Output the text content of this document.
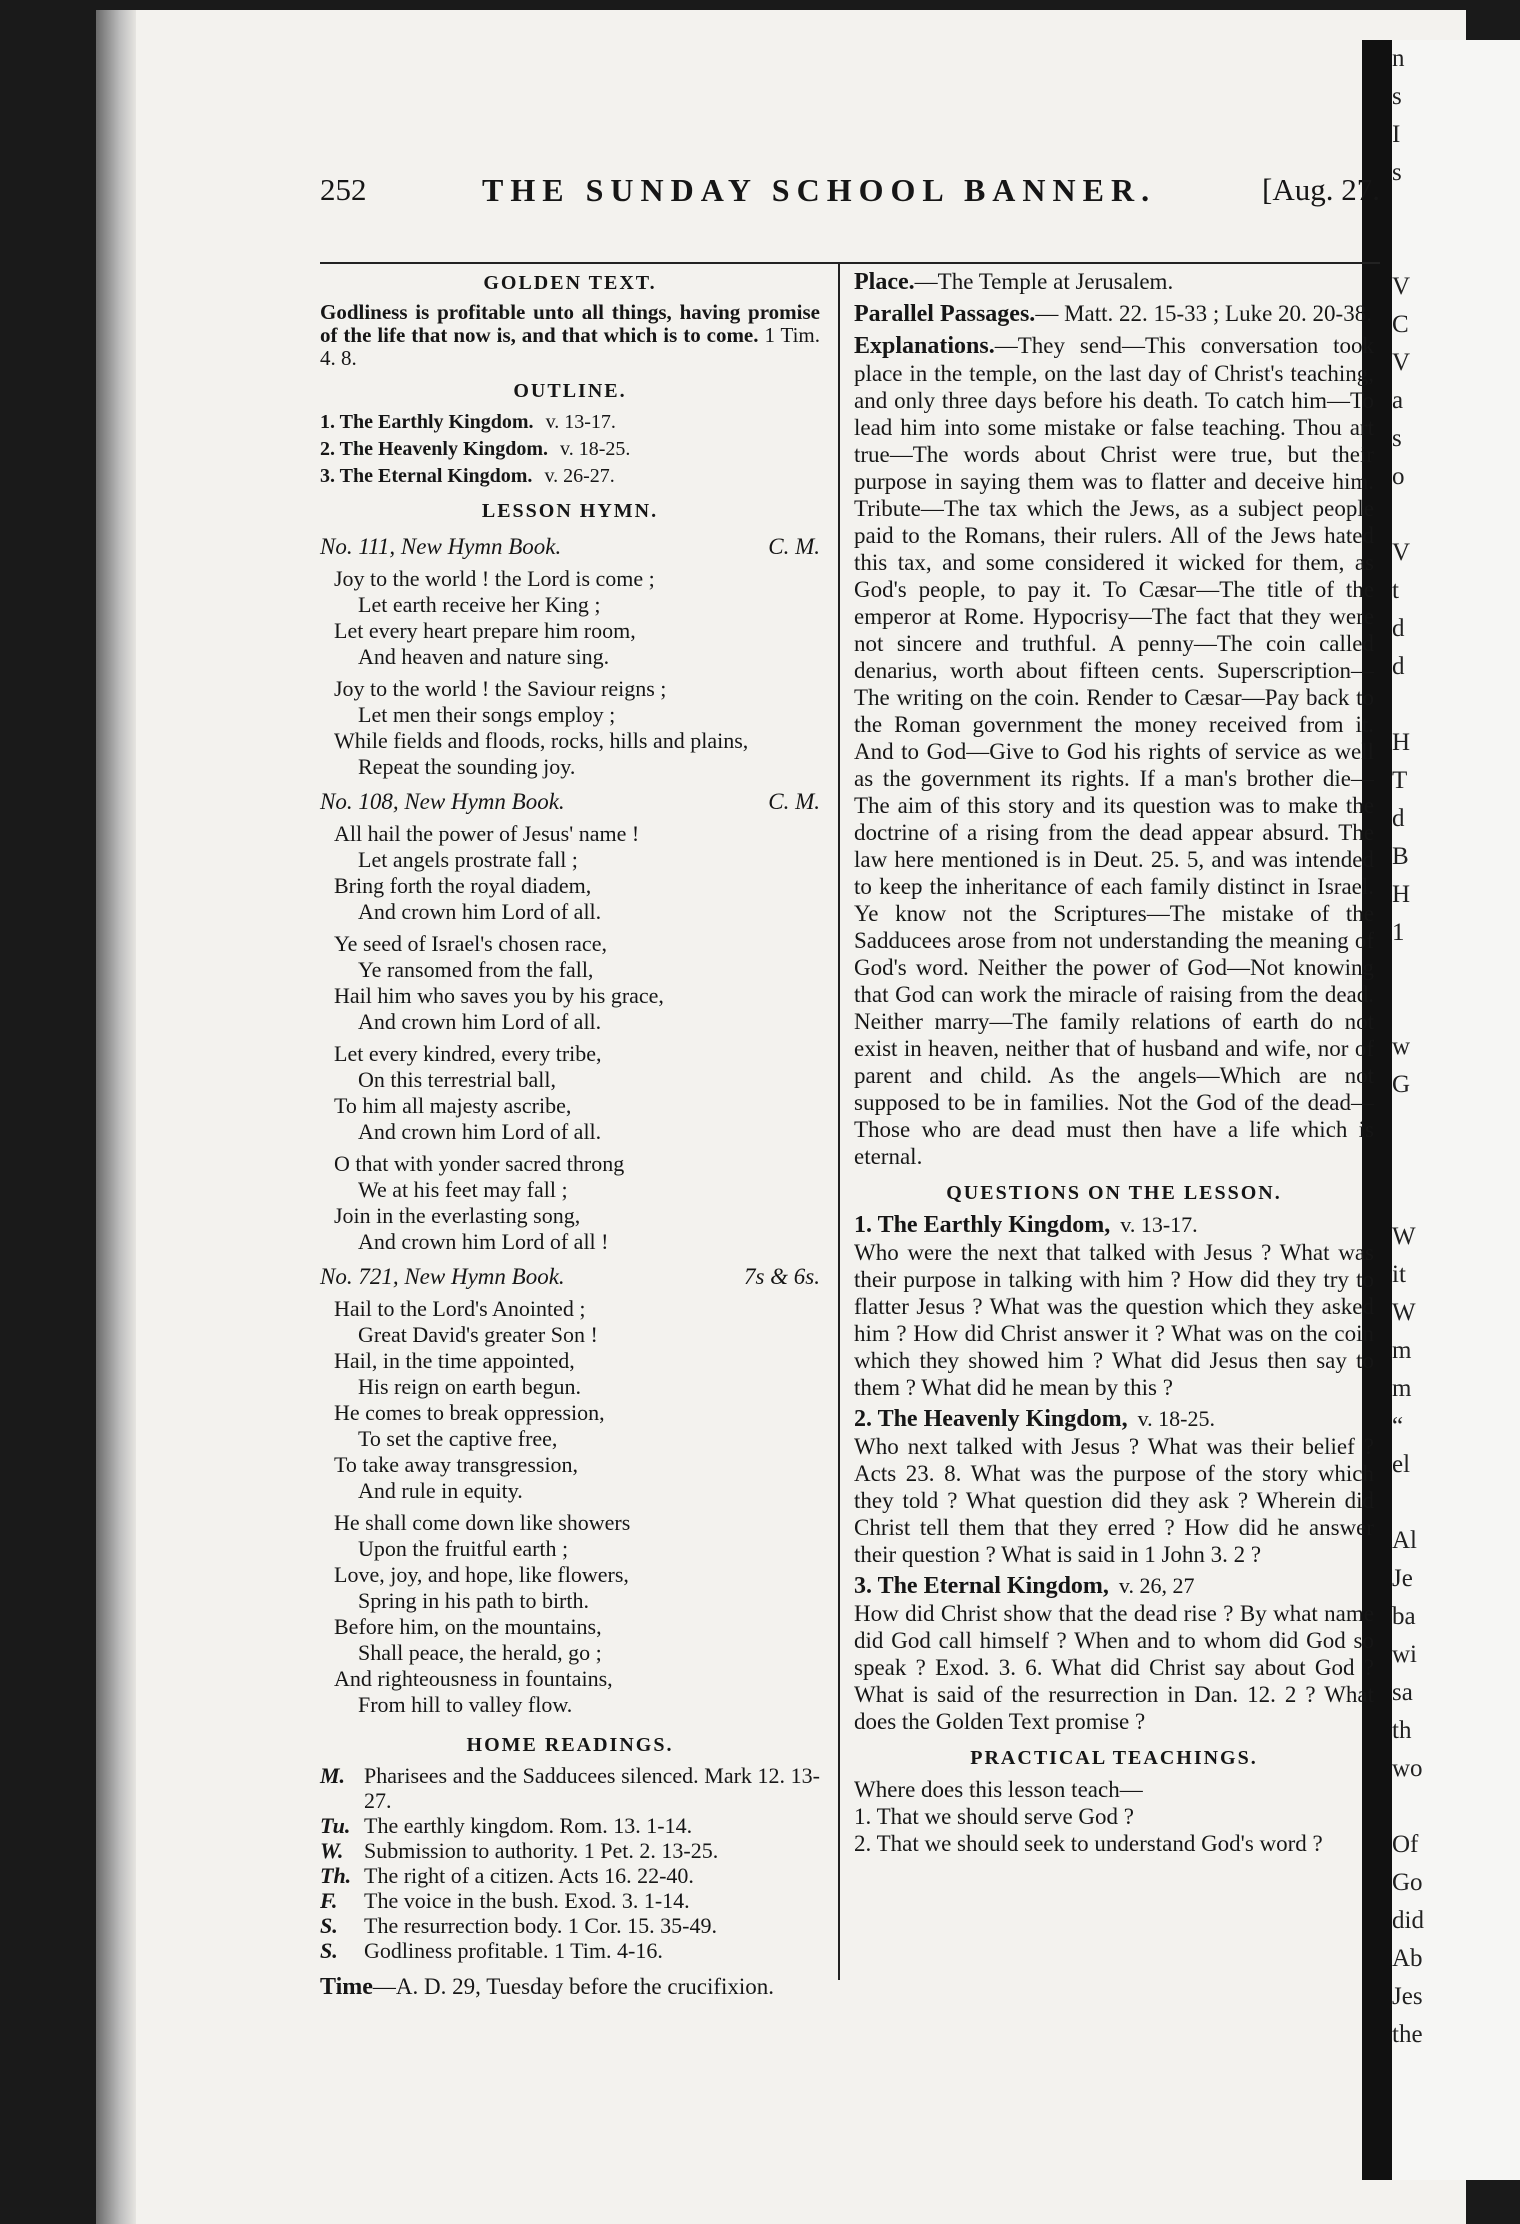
n
s
I
s

V
C
V
a
s
o

V
t
d
d

H
T
d
B
H
1

w
G

W
it
W
m
m
“
el

Al
Je
ba
wi
sa
th
wo

Of
Go
did
Ab
Jes
the
252	THE SUNDAY SCHOOL BANNER.	[Aug. 27.
GOLDEN TEXT.
Godliness is profitable unto all things, having promise of the life that now is, and that which is to come. 1 Tim. 4. 8.
OUTLINE.
1. The Earthly Kingdom. v. 13-17.
2. The Heavenly Kingdom. v. 18-25.
3. The Eternal Kingdom. v. 26-27.
LESSON HYMN.
No. 111, New Hymn Book.	C. M.
Joy to the world ! the Lord is come ;
Let earth receive her King ;
Let every heart prepare him room,
And heaven and nature sing.
Joy to the world ! the Saviour reigns ;
Let men their songs employ ;
While fields and floods, rocks, hills and plains,
Repeat the sounding joy.
No. 108, New Hymn Book.	C. M.
All hail the power of Jesus' name !
Let angels prostrate fall ;
Bring forth the royal diadem,
And crown him Lord of all.
Ye seed of Israel's chosen race,
Ye ransomed from the fall,
Hail him who saves you by his grace,
And crown him Lord of all.
Let every kindred, every tribe,
On this terrestrial ball,
To him all majesty ascribe,
And crown him Lord of all.
O that with yonder sacred throng
We at his feet may fall ;
Join in the everlasting song,
And crown him Lord of all !
No. 721, New Hymn Book.	7s & 6s.
Hail to the Lord's Anointed ;
Great David's greater Son !
Hail, in the time appointed,
His reign on earth begun.
He comes to break oppression,
To set the captive free,
To take away transgression,
And rule in equity.
He shall come down like showers
Upon the fruitful earth ;
Love, joy, and hope, like flowers,
Spring in his path to birth.
Before him, on the mountains,
Shall peace, the herald, go ;
And righteousness in fountains,
From hill to valley flow.
HOME READINGS.
M. Pharisees and the Sadducees silenced. Mark 12. 13-27.
Tu. The earthly kingdom. Rom. 13. 1-14.
W. Submission to authority. 1 Pet. 2. 13-25.
Th. The right of a citizen. Acts 16. 22-40.
F.	The voice in the bush. Exod. 3. 1-14.
S.	The resurrection body. 1 Cor. 15. 35-49.
S.	Godliness profitable. 1 Tim. 4-16.
Time—A. D. 29, Tuesday before the crucifixion.

Place.—The Temple at Jerusalem.

Parallel Passages.— Matt. 22. 15-33 ; Luke 20. 20-38.

Explanations.—They send—This conversation took place in the temple, on the last day of Christ's teaching, and only three days before his death. To catch him—To lead him into some mistake or false teaching. Thou art true—The words about Christ were true, but their purpose in saying them was to flatter and deceive him. Tribute—The tax which the Jews, as a subject people paid to the Romans, their rulers. All of the Jews hated this tax, and some considered it wicked for them, as God's people, to pay it. To Cæsar—The title of the emperor at Rome. Hypocrisy—The fact that they were not sincere and truthful. A penny—The coin called denarius, worth about fifteen cents. Superscription—The writing on the coin. Render to Cæsar—Pay back to the Roman government the money received from it. And to God—Give to God his rights of service as well as the government its rights. If a man's brother die—The aim of this story and its question was to make the doctrine of a rising from the dead appear absurd. The law here mentioned is in Deut. 25. 5, and was intended to keep the inheritance of each family distinct in Israel. Ye know not the Scriptures—The mistake of the Sadducees arose from not understanding the meaning of God's word. Neither the power of God—Not knowing that God can work the miracle of raising from the dead. Neither marry—The family relations of earth do not exist in heaven, neither that of husband and wife, nor of parent and child. As the angels—Which are not supposed to be in families. Not the God of the dead—Those who are dead must then have a life which is eternal.

QUESTIONS ON THE LESSON.
1. The Earthly Kingdom, v. 13-17.

Who were the next that talked with Jesus ? What was their purpose in talking with him ? How did they try to flatter Jesus ? What was the question which they asked him ? How did Christ answer it ? What was on the coin which they showed him ? What did Jesus then say to them ? What did he mean by this ?

2. The Heavenly Kingdom, v. 18-25.

Who next talked with Jesus ? What was their belief ? Acts 23. 8. What was the purpose of the story which they told ? What question did they ask ? Wherein did Christ tell them that they erred ? How did he answer their question ? What is said in 1 John 3. 2 ?

3. The Eternal Kingdom, v. 26, 27

How did Christ show that the dead rise ? By what name did God call himself ? When and to whom did God so speak ? Exod. 3. 6. What did Christ say about God ? What is said of the resurrection in Dan. 12. 2 ? What does the Golden Text promise ?

PRACTICAL TEACHINGS.

Where does this lesson teach—

1. That we should serve God ?

2. That we should seek to understand God's word ?
